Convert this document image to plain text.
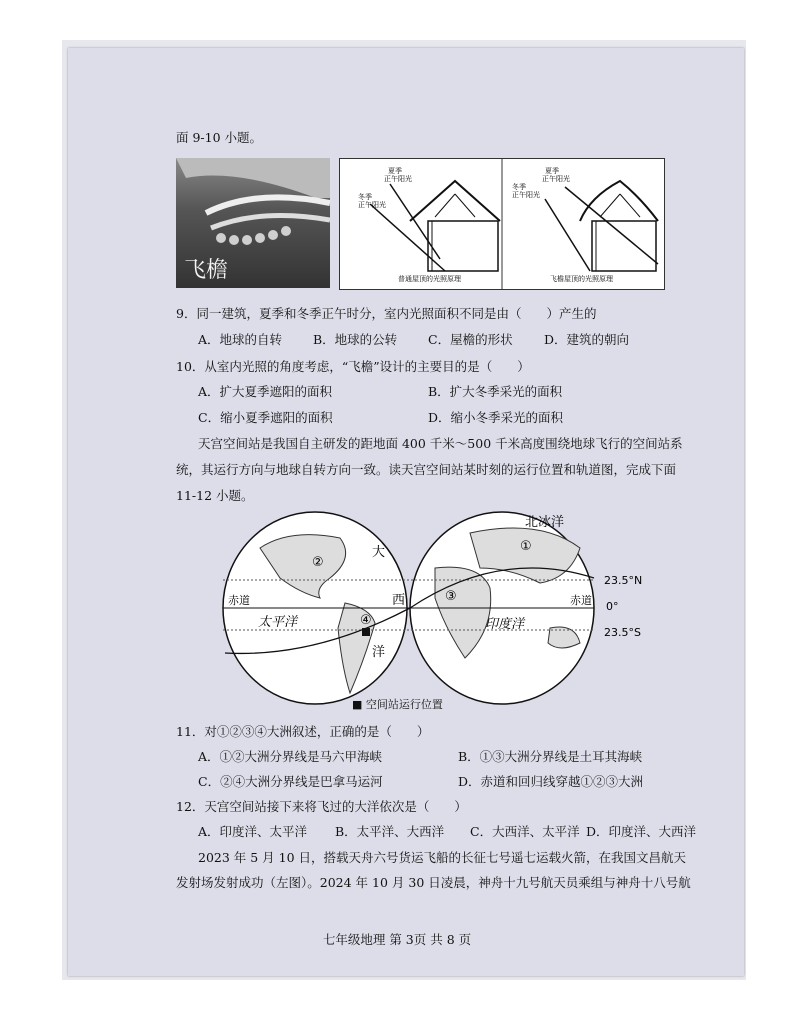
面 9-10 小题。
飞檐
冬季
正午阳光
夏季
正午阳光
普通屋顶的光照原理
冬季
正午阳光
夏季
正午阳光
飞檐屋顶的光照原理
9．同一建筑，夏季和冬季正午时分，室内光照面积不同是由（　　）产生的
A．地球的自转 B．地球的公转 C．屋檐的形状	D．建筑的朝向
10．从室内光照的角度考虑，“飞檐”设计的主要目的是（　　）
A．扩大夏季遮阳的面积	B．扩大冬季采光的面积
C．缩小夏季遮阳的面积	D．缩小冬季采光的面积
天宫空间站是我国自主研发的距地面 400 千米～500 千米高度围绕地球飞行的空间站系
统，其运行方向与地球自转方向一致。读天宫空间站某时刻的运行位置和轨道图，完成下面
11-12 小题。
北冰洋
①
②
③
④
大
西
洋
太平洋	印度洋
赤道	赤道
23.5°N
0°
23.5°S
■ 空间站运行位置
11．对①②③④大洲叙述，正确的是（　　）
A．①②大洲分界线是马六甲海峡	B．①③大洲分界线是土耳其海峡
C．②④大洲分界线是巴拿马运河	D．赤道和回归线穿越①②③大洲
12．天宫空间站接下来将飞过的大洋依次是（　　）
A．印度洋、太平洋 B．太平洋、大西洋 C．大西洋、太平洋 D．印度洋、大西洋
2023 年 5 月 10 日，搭载天舟六号货运飞船的长征七号遥七运载火箭，在我国文昌航天
发射场发射成功（左图）。2024 年 10 月 30 日凌晨，神舟十九号航天员乘组与神舟十八号航
七年级地理 第 3页 共 8 页
